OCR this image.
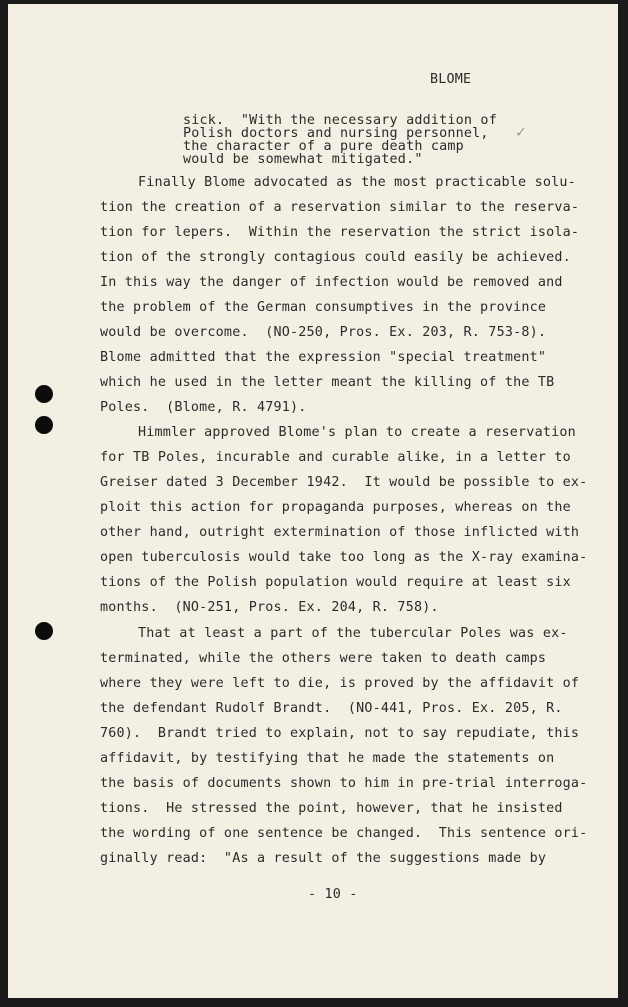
BLOME
✓
sick.  "With the necessary addition of
Polish doctors and nursing personnel,
the character of a pure death camp
would be somewhat mitigated."
Finally Blome advocated as the most practicable solu-
tion the creation of a reservation similar to the reserva-
tion for lepers.  Within the reservation the strict isola-
tion of the strongly contagious could easily be achieved.
In this way the danger of infection would be removed and
the problem of the German consumptives in the province
would be overcome.  (NO-250, Pros. Ex. 203, R. 753-8).
Blome admitted that the expression "special treatment"
which he used in the letter meant the killing of the TB
Poles.  (Blome, R. 4791).
Himmler approved Blome's plan to create a reservation
for TB Poles, incurable and curable alike, in a letter to
Greiser dated 3 December 1942.  It would be possible to ex-
ploit this action for propaganda purposes, whereas on the
other hand, outright extermination of those inflicted with
open tuberculosis would take too long as the X-ray examina-
tions of the Polish population would require at least six
months.  (NO-251, Pros. Ex. 204, R. 758).
That at least a part of the tubercular Poles was ex-
terminated, while the others were taken to death camps
where they were left to die, is proved by the affidavit of
the defendant Rudolf Brandt.  (NO-441, Pros. Ex. 205, R.
760).  Brandt tried to explain, not to say repudiate, this
affidavit, by testifying that he made the statements on
the basis of documents shown to him in pre-trial interroga-
tions.  He stressed the point, however, that he insisted
the wording of one sentence be changed.  This sentence ori-
ginally read:  "As a result of the suggestions made by
- 10 -
